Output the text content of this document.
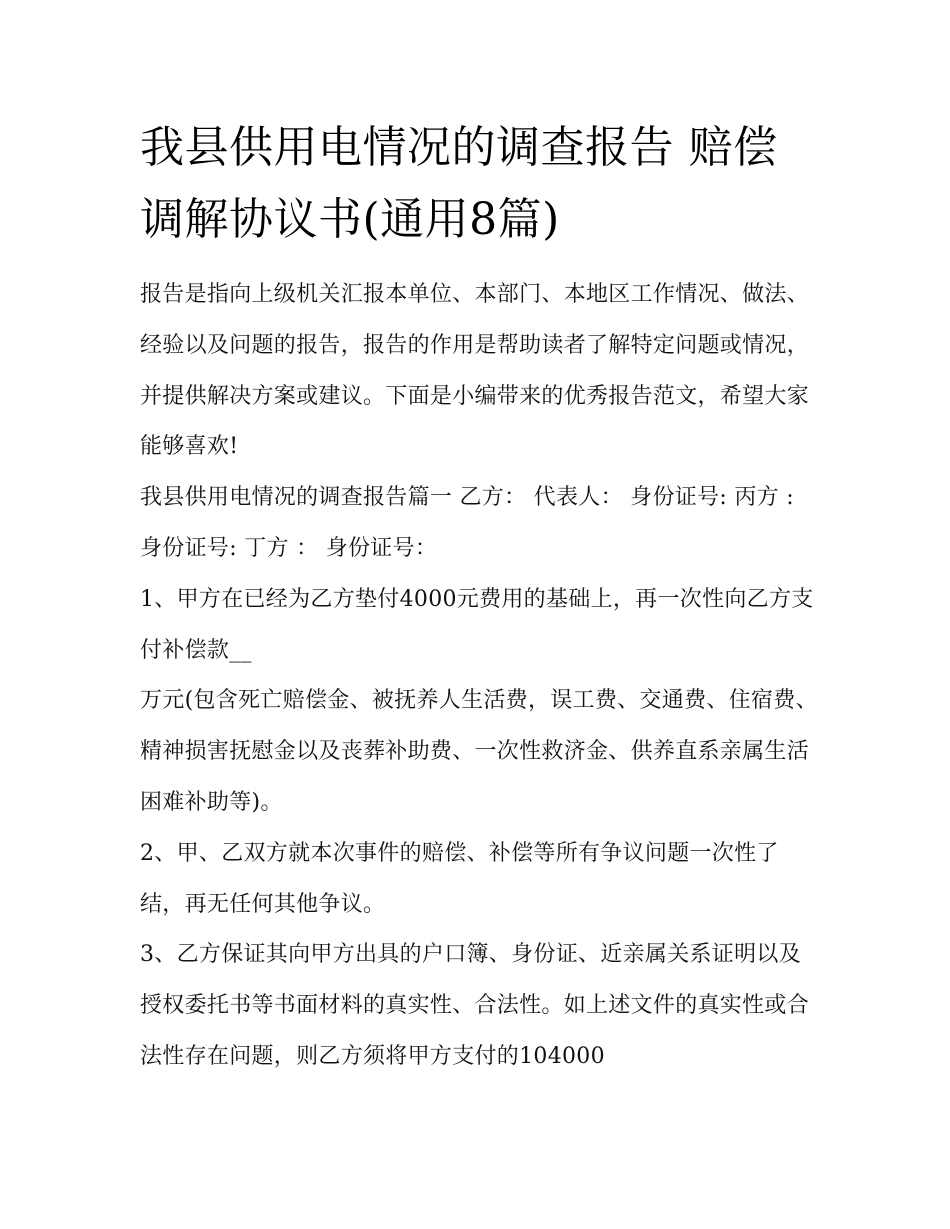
我县供用电情况的调查报告 赔偿调解协议书(通用8篇)

报告是指向上级机关汇报本单位、本部门、本地区工作情况、做法、经验以及问题的报告，报告的作用是帮助读者了解特定问题或情况，并提供解决方案或建议。下面是小编带来的优秀报告范文，希望大家能够喜欢!

我县供用电情况的调查报告篇一 乙方： 代表人： 身份证号: 丙方 : 身份证号: 丁方 ： 身份证号：

1、甲方在已经为乙方垫付4000元费用的基础上，再一次性向乙方支付补偿款__

万元(包含死亡赔偿金、被抚养人生活费，误工费、交通费、住宿费、精神损害抚慰金以及丧葬补助费、一次性救济金、供养直系亲属生活困难补助等)。

2、甲、乙双方就本次事件的赔偿、补偿等所有争议问题一次性了结，再无任何其他争议。

3、乙方保证其向甲方出具的户口簿、身份证、近亲属关系证明以及授权委托书等书面材料的真实性、合法性。如上述文件的真实性或合法性存在问题，则乙方须将甲方支付的104000
